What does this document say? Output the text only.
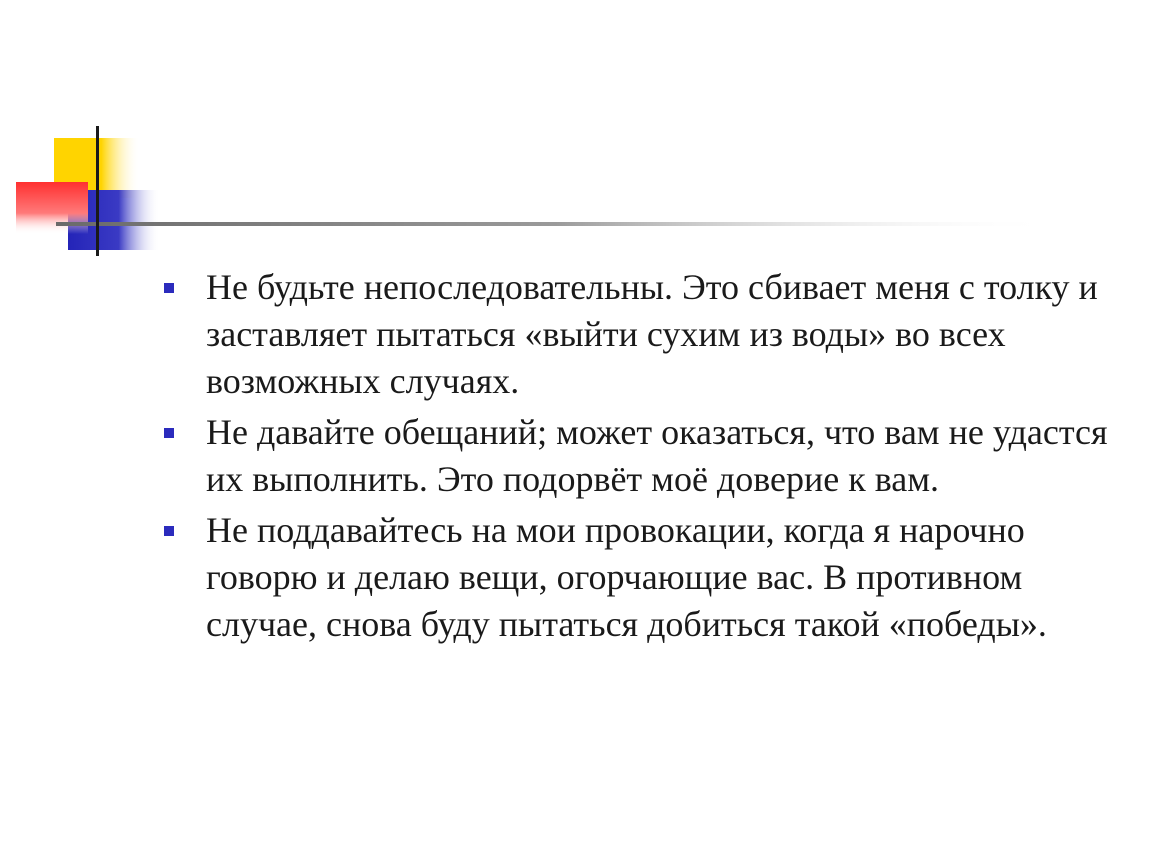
Не будьте непоследовательны. Это сбивает меня с толку и заставляет пытаться «выйти сухим из воды» во всех возможных случаях.
Не давайте обещаний; может оказаться, что вам не удастся их выполнить. Это подорвёт моё доверие к вам.
Не поддавайтесь на мои провокации, когда я нарочно говорю и делаю вещи, огорчающие вас. В противном случае, снова буду пытаться добиться такой «победы».
